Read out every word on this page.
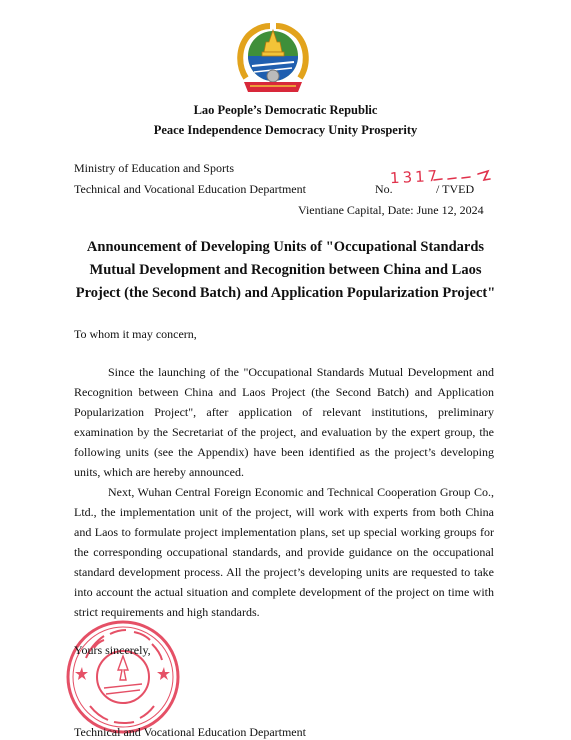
Lao People’s Democratic Republic
Peace Independence Democracy Unity Prosperity
Ministry of Education and Sports
Technical and Vocational Education Department	No.
1317
/ TVED
Vientiane Capital, Date: June 12, 2024
Announcement of Developing Units of "Occupational Standards
Mutual Development and Recognition between China and Laos
Project (the Second Batch) and Application Popularization Project"
To whom it may concern,

Since the launching of the "Occupational Standards Mutual Development and Recognition between China and Laos Project (the Second Batch) and Application Popularization Project", after application of relevant institutions, preliminary examination by the Secretariat of the project, and evaluation by the expert group, the following units (see the Appendix) have been identified as the project’s developing units, which are hereby announced.

Next, Wuhan Central Foreign Economic and Technical Cooperation Group Co., Ltd., the implementation unit of the project, will work with experts from both China and Laos to formulate project implementation plans, set up special working groups for the corresponding occupational standards, and provide guidance on the occupational standard development process. All the project’s developing units are requested to take into account the actual situation and complete development of the project on time with strict requirements and high standards.

Yours sincerely,
Technical and Vocational Education Department
